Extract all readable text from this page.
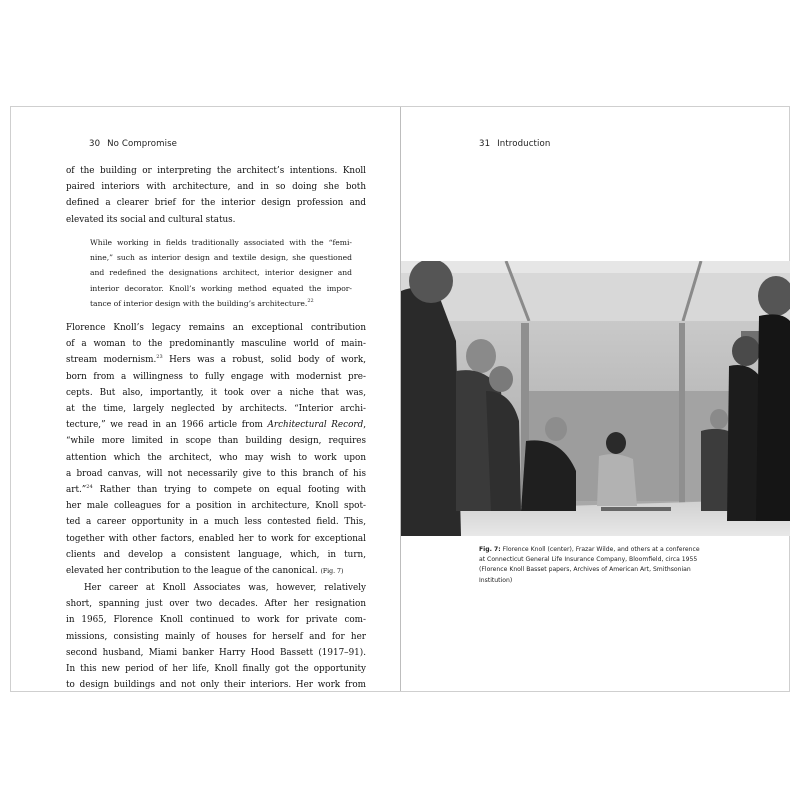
30 No Compromise
of the building or interpreting the architect’s intentions. Knoll
paired interiors with architecture, and in so doing she both
defined a clearer brief for the interior design profession and
elevated its social and cultural status.
While working in fields traditionally associated with the “femi-
nine,” such as interior design and textile design, she questioned
and redefined the designations architect, interior designer and
interior decorator. Knoll’s working method equated the impor-
tance of interior design with the building’s architecture.$^{22}$
Florence Knoll’s legacy remains an exceptional contribution
of a woman to the predominantly masculine world of main-
stream modernism.$^{23}$ Hers was a robust, solid body of work,
born from a willingness to fully engage with modernist pre-
cepts. But also, importantly, it took over a niche that was,
at the time, largely neglected by architects. “Interior archi-
tecture,” we read in an 1966 article from Architectural Record,
“while more limited in scope than building design, requires
attention which the architect, who may wish to work upon
a broad canvas, will not necessarily give to this branch of his
art.”$^{24}$ Rather than trying to compete on equal footing with
her male colleagues for a position in architecture, Knoll spot-
ted a career opportunity in a much less contested field. This,
together with other factors, enabled her to work for exceptional
clients and develop a consistent language, which, in turn,
elevated her contribution to the league of the canonical. (Fig. 7)
Her career at Knoll Associates was, however, relatively
short, spanning just over two decades. After her resignation
in 1965, Florence Knoll continued to work for private com-
missions, consisting mainly of houses for herself and for her
second husband, Miami banker Harry Hood Bassett (1917–91).
In this new period of her life, Knoll finally got the opportunity
to design buildings and not only their interiors. Her work from
31 Introduction
Fig. 7: Florence Knoll (center), Frazar Wilde, and others at a conference
at Connecticut General Life Insurance Company, Bloomfield, circa 1955
(Florence Knoll Basset papers, Archives of American Art, Smithsonian
Institution)
